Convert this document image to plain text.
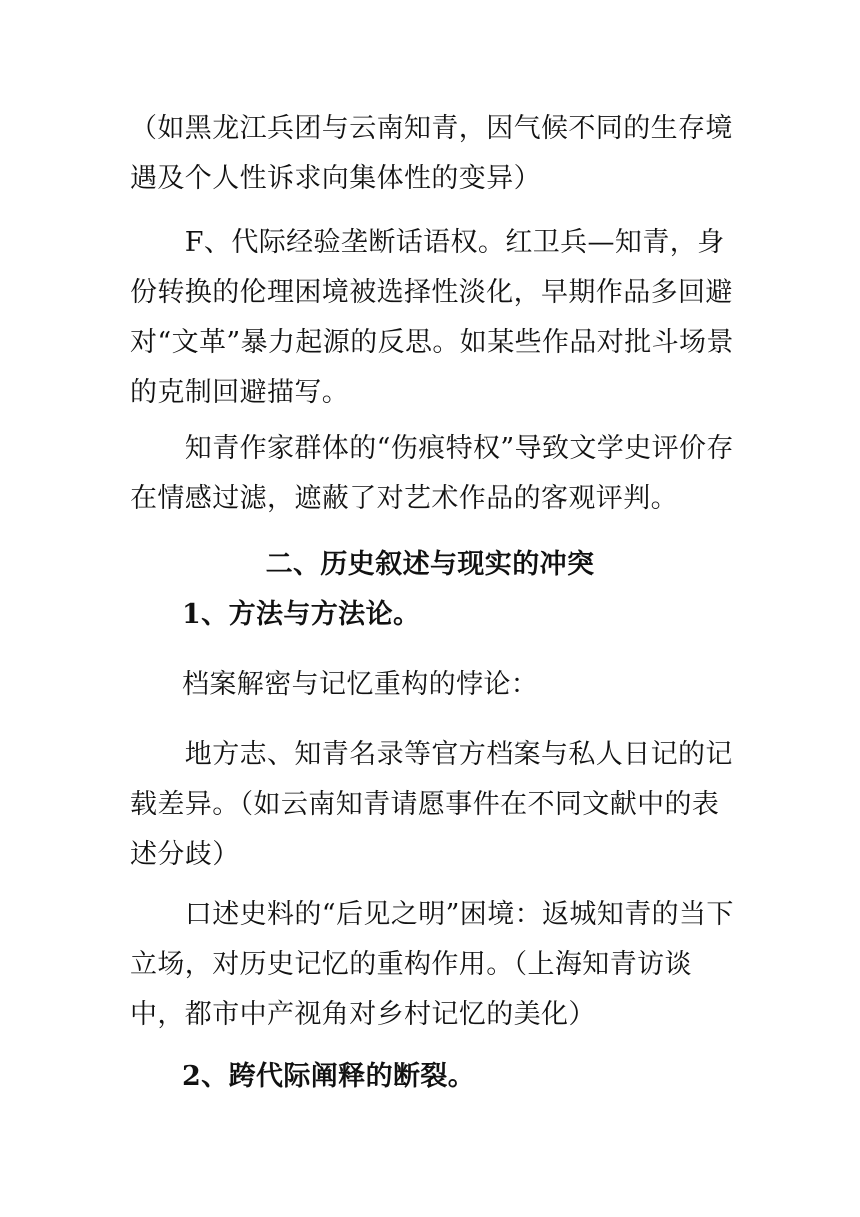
（如黑龙江兵团与云南知青，因气候不同的生存境遇及个人性诉求向集体性的变异）

　　F、代际经验垄断话语权。红卫兵—知青，身份转换的伦理困境被选择性淡化，早期作品多回避对“文革”暴力起源的反思。如某些作品对批斗场景的克制回避描写。

　　知青作家群体的“伤痕特权”导致文学史评价存在情感过滤，遮蔽了对艺术作品的客观评判。

二、历史叙述与现实的冲突

1、方法与方法论。

档案解密与记忆重构的悖论：

　　地方志、知青名录等官方档案与私人日记的记载差异。（如云南知青请愿事件在不同文献中的表述分歧）

　　口述史料的“后见之明”困境：返城知青的当下立场，对历史记忆的重构作用。（上海知青访谈中，都市中产视角对乡村记忆的美化）

2、跨代际阐释的断裂。
